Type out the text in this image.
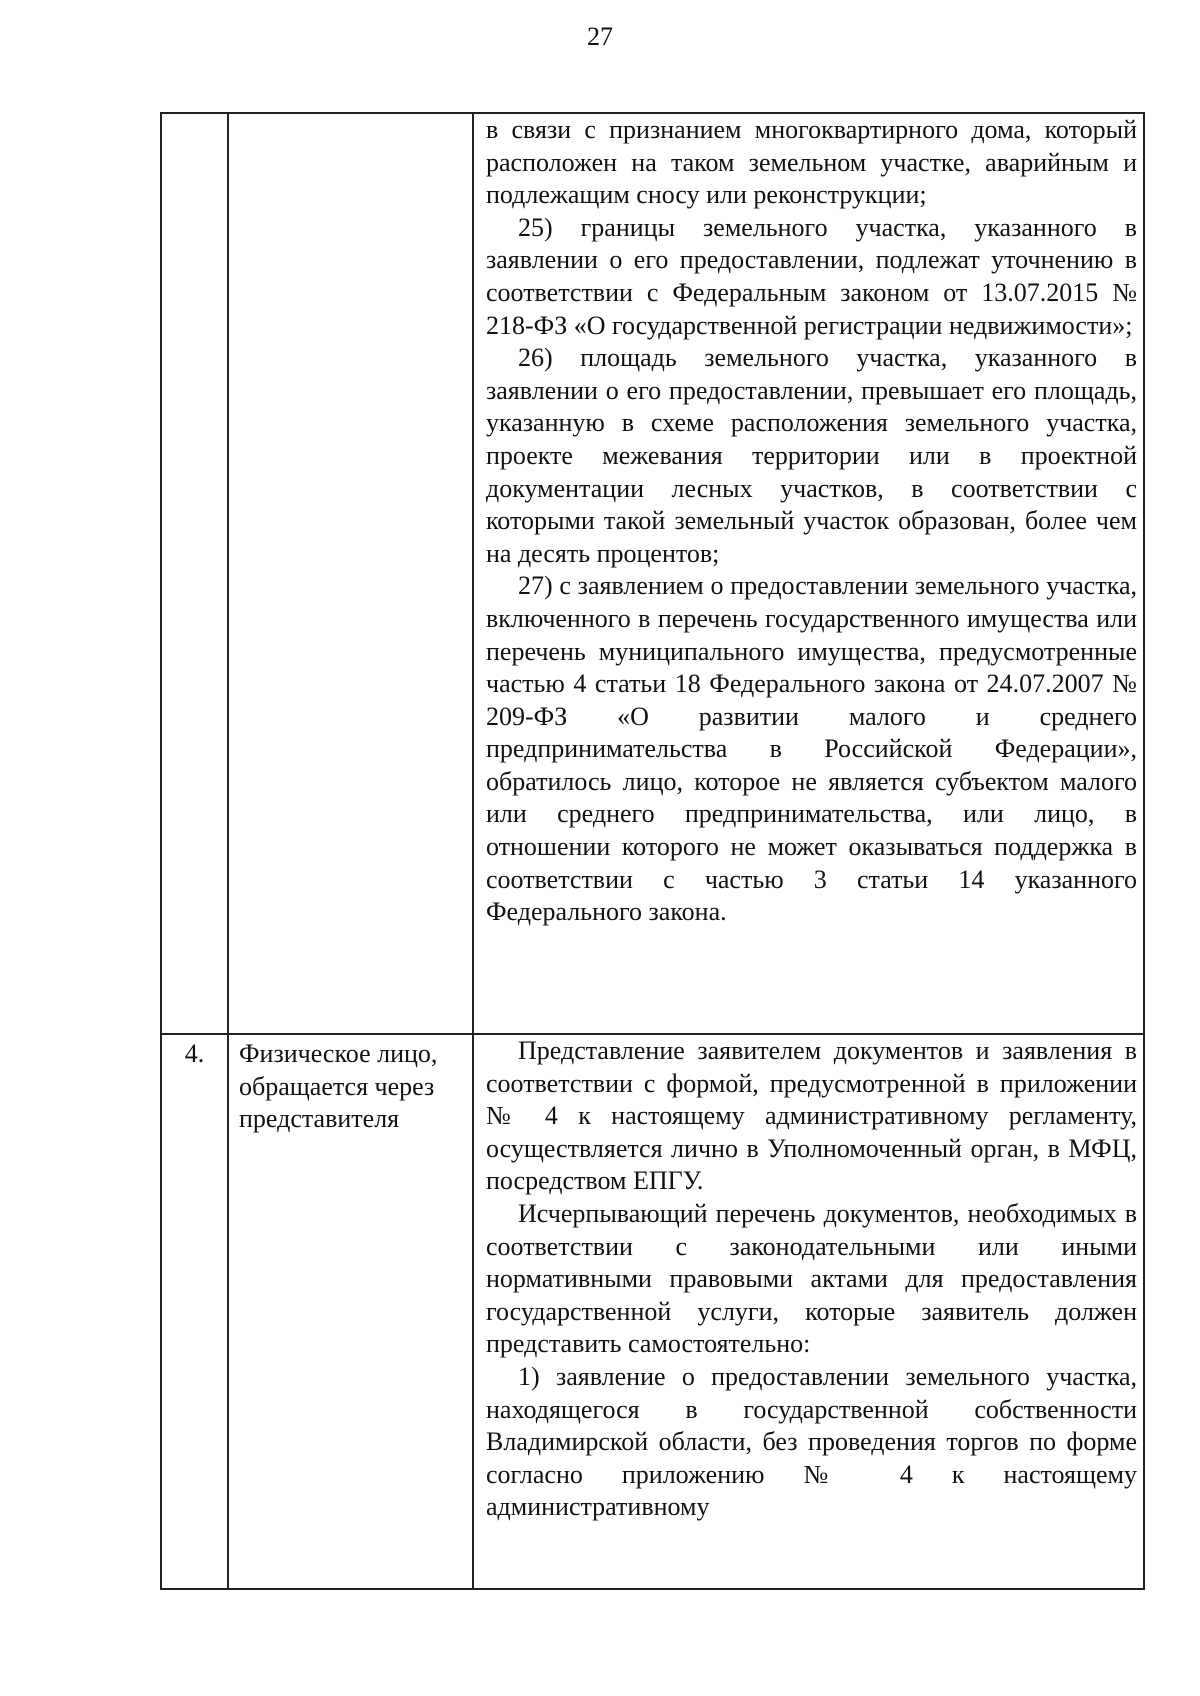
27

		в связи с признанием многоквартирного дома, который расположен на таком земельном участке, аварийным и подлежащим сносу или реконструкции;

25) границы земельного участка, указанного в заявлении о его предоставлении, подлежат уточнению в соответствии с Федеральным законом от 13.07.2015 № 218-ФЗ «О государственной регистрации недвижимости»;

26) площадь земельного участка, указанного в заявлении о его предоставлении, превышает его площадь, указанную в схеме расположения земельного участка, проекте межевания территории или в проектной документации лесных участков, в соответствии с которыми такой земельный участок образован, более чем на десять процентов;

27) с заявлением о предоставлении земельного участка, включенного в перечень государственного имущества или перечень муниципального имущества, предусмотренные частью 4 статьи 18 Федерального закона от 24.07.2007 № 209-ФЗ «О развитии малого и среднего предпринимательства в Российской Федерации», обратилось лицо, которое не является субъектом малого или среднего предпринимательства, или лицо, в отношении которого не может оказываться поддержка в соответствии с частью 3 статьи 14 указанного Федерального закона.

4.	Физическое лицо, обращается через представителя	Представление заявителем документов и заявления в соответствии с формой, предусмотренной в приложении № 4 к настоящему административному регламенту, осуществляется лично в Уполномоченный орган, в МФЦ, посредством ЕПГУ.

Исчерпывающий перечень документов, необходимых в соответствии с законодательными или иными нормативными правовыми актами для предоставления государственной услуги, которые заявитель должен представить самостоятельно:

1) заявление о предоставлении земельного участка, находящегося в государственной собственности Владимирской области, без проведения торгов по форме согласно приложению № 4 к настоящему административному
